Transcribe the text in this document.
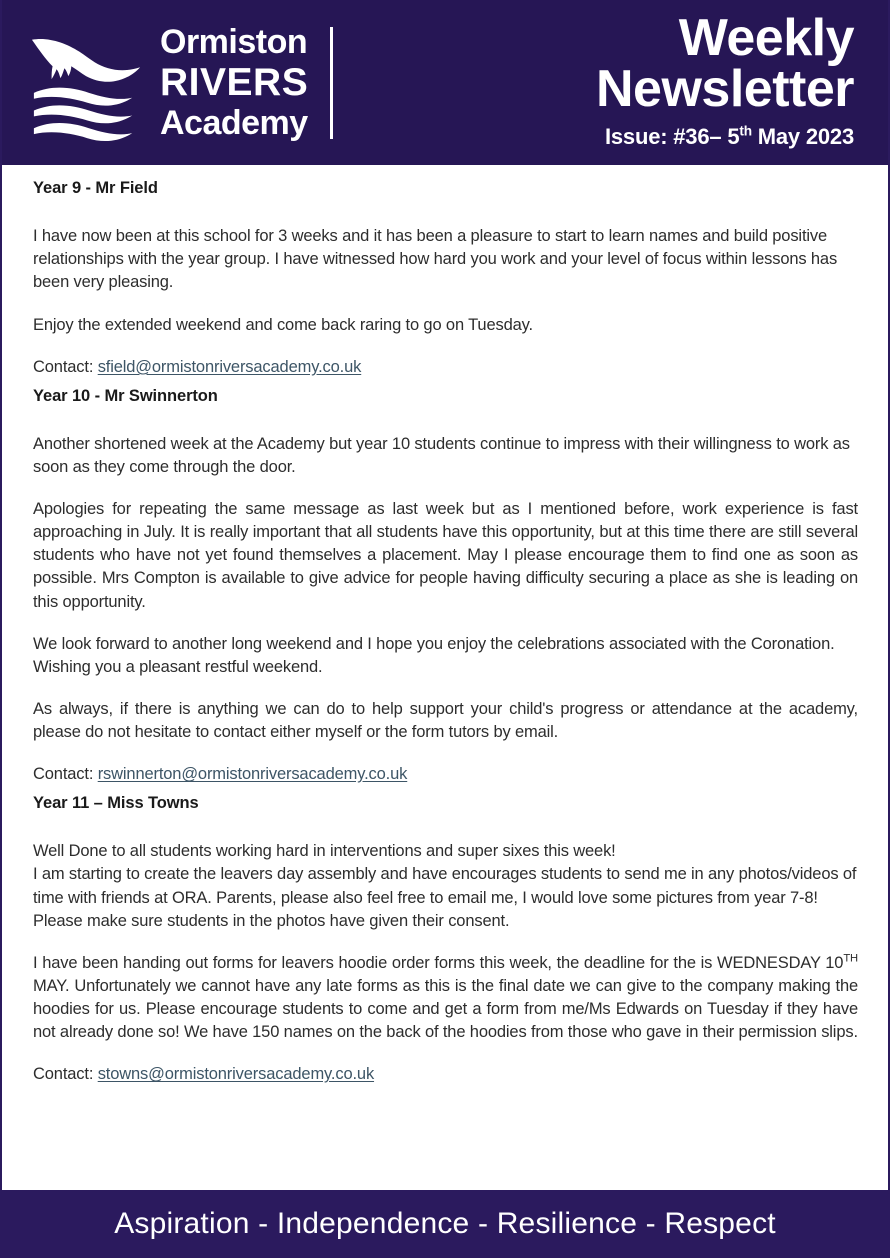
Ormiston
RIVERS
Academy
Weekly
Newsletter
Issue: #36– 5th May 2023
Year 9 - Mr Field

I have now been at this school for 3 weeks and it has been a pleasure to start to learn names and build positive relationships with the year group. I have witnessed how hard you work and your level of focus within lessons has been very pleasing.

Enjoy the extended weekend and come back raring to go on Tuesday.

Contact: sfield@ormistonriversacademy.co.uk

Year 10 - Mr Swinnerton

Another shortened week at the Academy but year 10 students continue to impress with their willingness to work as soon as they come through the door.

Apologies for repeating the same message as last week but as I mentioned before, work experience is fast approaching in July. It is really important that all students have this opportunity, but at this time there are still several students who have not yet found themselves a placement. May I please encourage them to find one as soon as possible. Mrs Compton is available to give advice for people having difficulty securing a place as she is leading on this opportunity.

We look forward to another long weekend and I hope you enjoy the celebrations associated with the Coronation. Wishing you a pleasant restful weekend.

As always, if there is anything we can do to help support your child's progress or attendance at the academy, please do not hesitate to contact either myself or the form tutors by email.

Contact: rswinnerton@ormistonriversacademy.co.uk

Year 11 – Miss Towns

Well Done to all students working hard in interventions and super sixes this week!
I am starting to create the leavers day assembly and have encourages students to send me in any photos/videos of time with friends at ORA. Parents, please also feel free to email me, I would love some pictures from year 7-8! Please make sure students in the photos have given their consent.

I have been handing out forms for leavers hoodie order forms this week, the deadline for the is WEDNESDAY 10TH MAY. Unfortunately we cannot have any late forms as this is the final date we can give to the company making the hoodies for us. Please encourage students to come and get a form from me/Ms Edwards on Tuesday if they have not already done so! We have 150 names on the back of the hoodies from those who gave in their permission slips.

Contact: stowns@ormistonriversacademy.co.uk

Aspiration - Independence - Resilience - Respect
